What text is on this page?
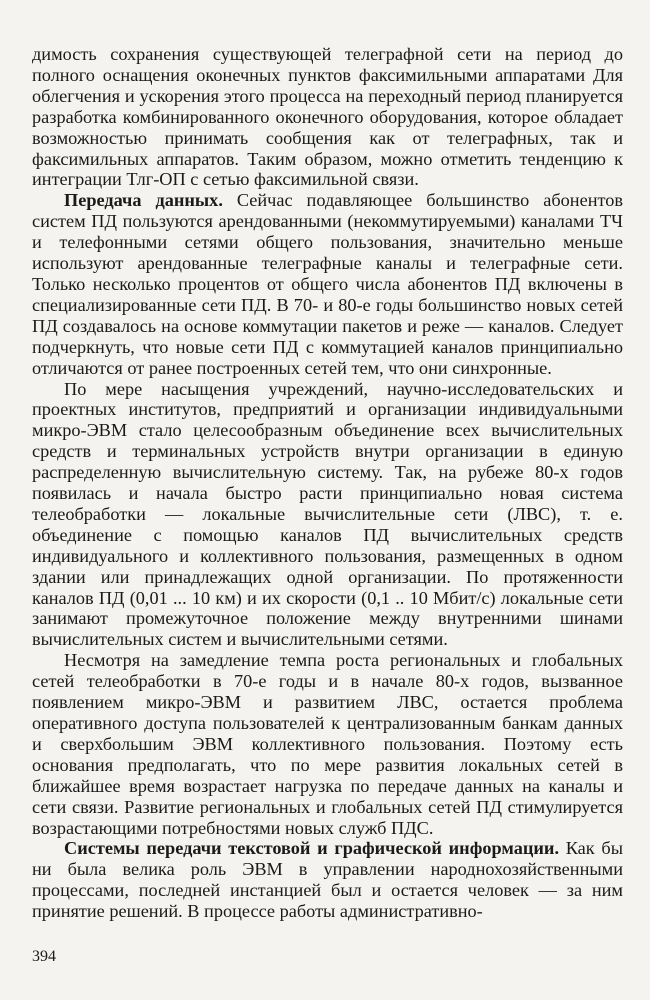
димость сохранения существующей телеграфной сети на период до полного оснащения оконечных пунктов факсимильными аппаратами Для облегчения и ускорения этого процесса на переходный период планируется разработка комбинированного оконечного оборудования, которое обладает возможностью принимать сообщения как от телеграфных, так и факсимильных аппаратов. Таким образом, можно отметить тенденцию к интеграции Тлг-ОП с сетью факсимильной связи.

Передача данных. Сейчас подавляющее большинство абонентов систем ПД пользуются арендованными (некоммутируемыми) каналами ТЧ и телефонными сетями общего пользования, значительно меньше используют арендованные телеграфные каналы и телеграфные сети. Только несколько процентов от общего числа абонентов ПД включены в специализированные сети ПД. В 70- и 80-е годы большинство новых сетей ПД создавалось на основе коммутации пакетов и реже — каналов. Следует подчеркнуть, что новые сети ПД с коммутацией каналов принципиально отличаются от ранее построенных сетей тем, что они синхронные.

По мере насыщения учреждений, научно-исследовательских и проектных институтов, предприятий и организации индивидуальными микро-ЭВМ стало целесообразным объединение всех вычислительных средств и терминальных устройств внутри организации в единую распределенную вычислительную систему. Так, на рубеже 80-х годов появилась и начала быстро расти принципиально новая система телеобработки — локальные вычислительные сети (ЛВС), т. е. объединение с помощью каналов ПД вычислительных средств индивидуального и коллективного пользования, размещенных в одном здании или принадлежащих одной организации. По протяженности каналов ПД (0,01 ... 10 км) и их скорости (0,1 .. 10 Мбит/с) локальные сети занимают промежуточное положение между внутренними шинами вычислительных систем и вычислительными сетями.

Несмотря на замедление темпа роста региональных и глобальных сетей телеобработки в 70-е годы и в начале 80-х годов, вызванное появлением микро-ЭВМ и развитием ЛВС, остается проблема оперативного доступа пользователей к централизованным банкам данных и сверхбольшим ЭВМ коллективного пользования. Поэтому есть основания предполагать, что по мере развития локальных сетей в ближайшее время возрастает нагрузка по передаче данных на каналы и сети связи. Развитие региональных и глобальных сетей ПД стимулируется возрастающими потребностями новых служб ПДС.

Системы передачи текстовой и графической информации. Как бы ни была велика роль ЭВМ в управлении народнохозяйственными процессами, последней инстанцией был и остается человек — за ним принятие решений. В процессе работы административно-

394
